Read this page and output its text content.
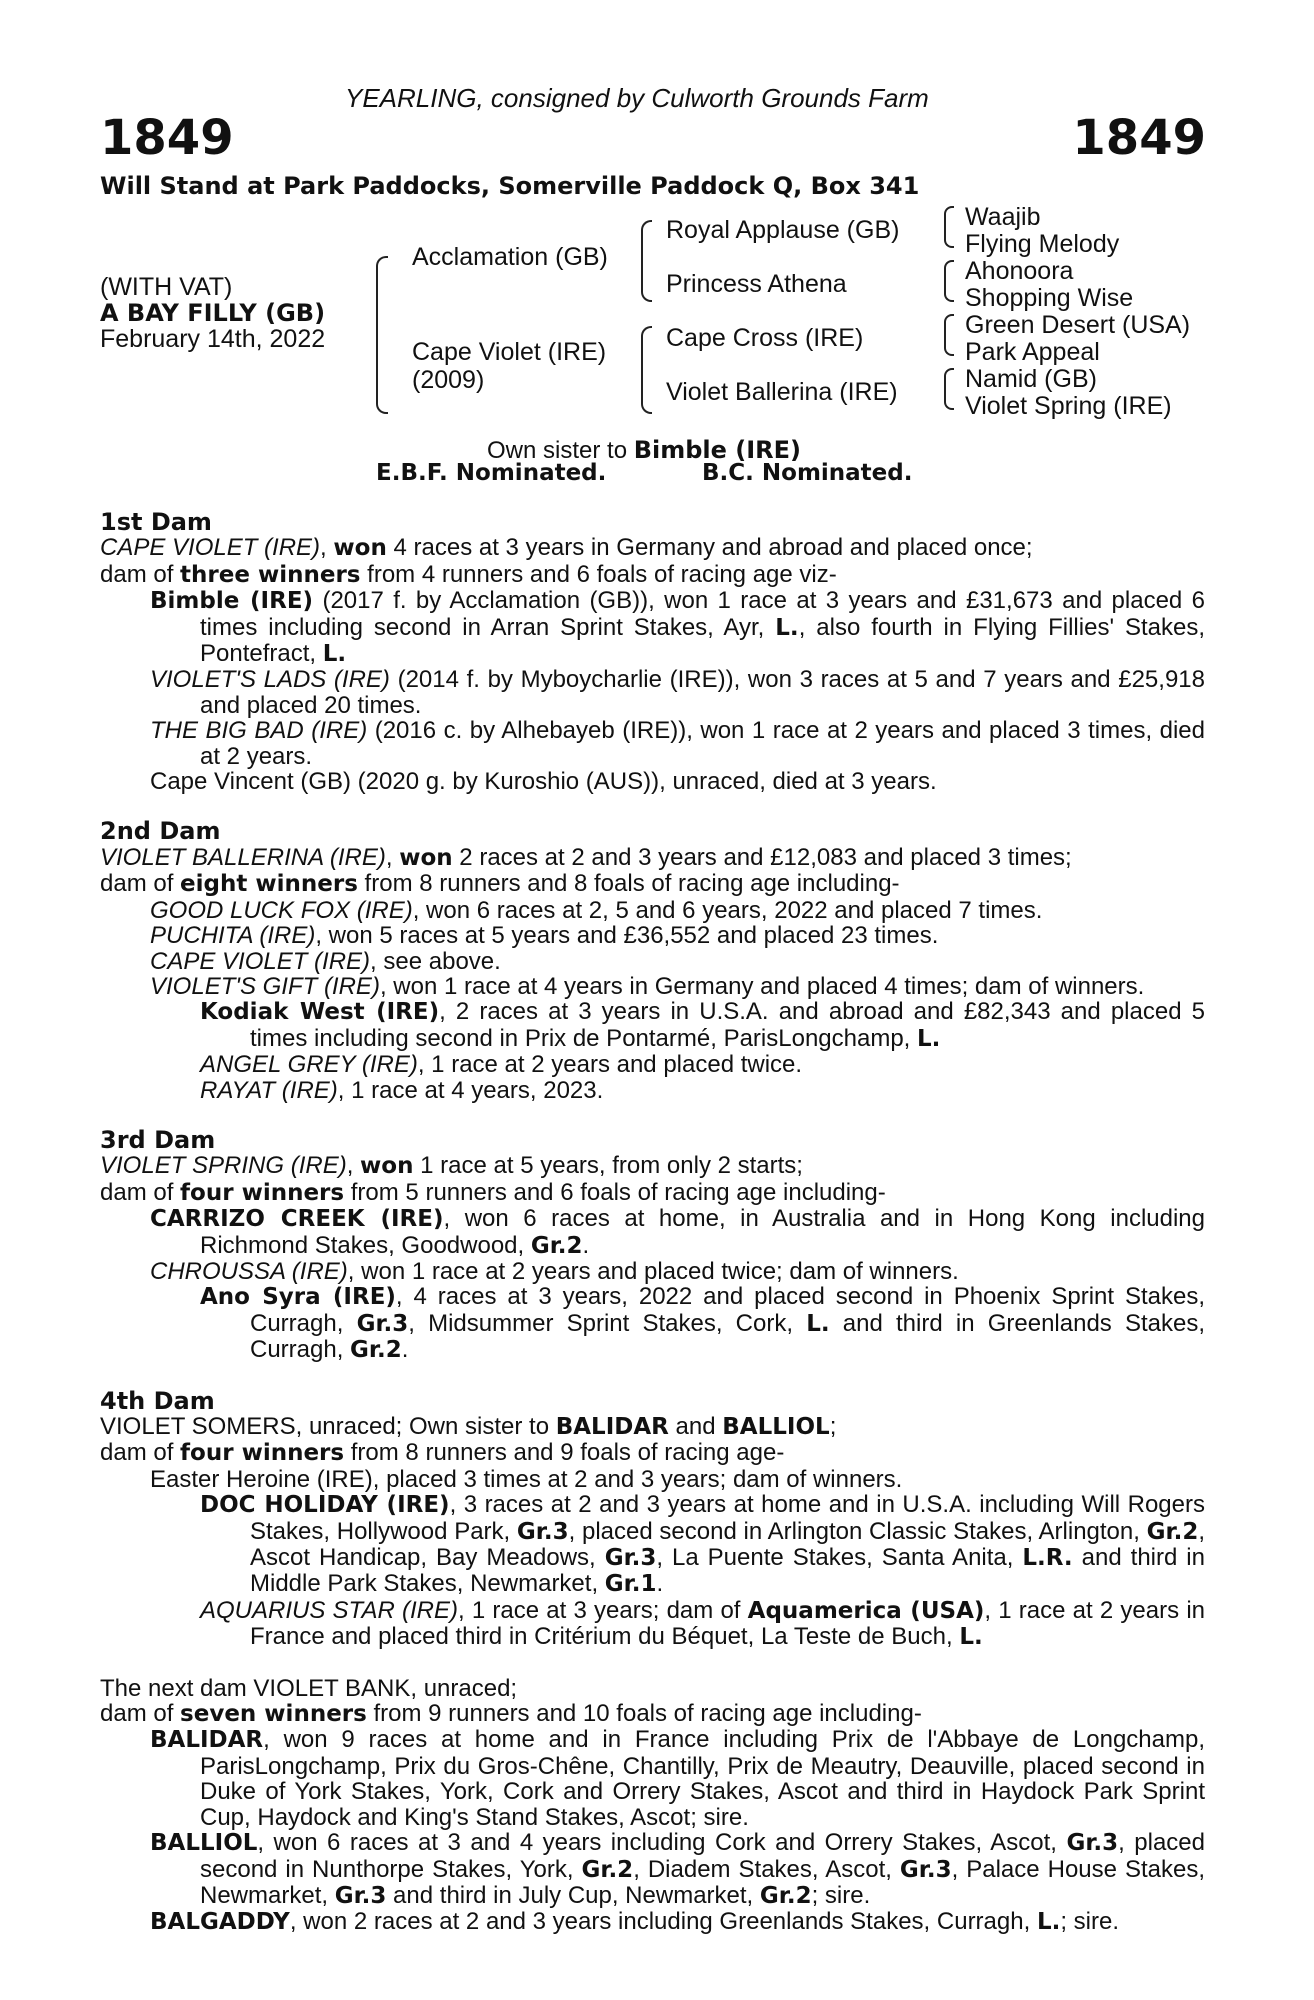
YEARLING, consigned by Culworth Grounds Farm
1849	1849
Will Stand at Park Paddocks, Somerville Paddock Q, Box 341
(WITH VAT)
A BAY FILLY (GB)
February 14th, 2022
Acclamation (GB)
Cape Violet (IRE)
(2009)
Royal Applause (GB)
Princess Athena
Cape Cross (IRE)
Violet Ballerina (IRE)
Waajib
Flying Melody
Ahonoora
Shopping Wise
Green Desert (USA)
Park Appeal
Namid (GB)
Violet Spring (IRE)
Own sister to Bimble (IRE)
E.B.F. Nominated.	B.C. Nominated.
1st Dam
CAPE VIOLET (IRE), won 4 races at 3 years in Germany and abroad and placed once;
dam of three winners from 4 runners and 6 foals of racing age viz-
Bimble (IRE) (2017 f. by Acclamation (GB)), won 1 race at 3 years and £31,673 and placed 6 times including second in Arran Sprint Stakes, Ayr, L., also fourth in Flying Fillies' Stakes, Pontefract, L.
VIOLET'S LADS (IRE) (2014 f. by Myboycharlie (IRE)), won 3 races at 5 and 7 years and £25,918 and placed 20 times.
THE BIG BAD (IRE) (2016 c. by Alhebayeb (IRE)), won 1 race at 2 years and placed 3 times, died at 2 years.
Cape Vincent (GB) (2020 g. by Kuroshio (AUS)), unraced, died at 3 years.
2nd Dam
VIOLET BALLERINA (IRE), won 2 races at 2 and 3 years and £12,083 and placed 3 times;
dam of eight winners from 8 runners and 8 foals of racing age including-
GOOD LUCK FOX (IRE), won 6 races at 2, 5 and 6 years, 2022 and placed 7 times.
PUCHITA (IRE), won 5 races at 5 years and £36,552 and placed 23 times.
CAPE VIOLET (IRE), see above.
VIOLET'S GIFT (IRE), won 1 race at 4 years in Germany and placed 4 times; dam of winners.
Kodiak West (IRE), 2 races at 3 years in U.S.A. and abroad and £82,343 and placed 5 times including second in Prix de Pontarmé, ParisLongchamp, L.
ANGEL GREY (IRE), 1 race at 2 years and placed twice.
RAYAT (IRE), 1 race at 4 years, 2023.
3rd Dam
VIOLET SPRING (IRE), won 1 race at 5 years, from only 2 starts;
dam of four winners from 5 runners and 6 foals of racing age including-
CARRIZO CREEK (IRE), won 6 races at home, in Australia and in Hong Kong including Richmond Stakes, Goodwood, Gr.2.
CHROUSSA (IRE), won 1 race at 2 years and placed twice; dam of winners.
Ano Syra (IRE), 4 races at 3 years, 2022 and placed second in Phoenix Sprint Stakes, Curragh, Gr.3, Midsummer Sprint Stakes, Cork, L. and third in Greenlands Stakes, Curragh, Gr.2.
4th Dam
VIOLET SOMERS, unraced; Own sister to BALIDAR and BALLIOL;
dam of four winners from 8 runners and 9 foals of racing age-
Easter Heroine (IRE), placed 3 times at 2 and 3 years; dam of winners.
DOC HOLIDAY (IRE), 3 races at 2 and 3 years at home and in U.S.A. including Will Rogers Stakes, Hollywood Park, Gr.3, placed second in Arlington Classic Stakes, Arlington, Gr.2, Ascot Handicap, Bay Meadows, Gr.3, La Puente Stakes, Santa Anita, L.R. and third in Middle Park Stakes, Newmarket, Gr.1.
AQUARIUS STAR (IRE), 1 race at 3 years; dam of Aquamerica (USA), 1 race at 2 years in France and placed third in Critérium du Béquet, La Teste de Buch, L.
The next dam VIOLET BANK, unraced;
dam of seven winners from 9 runners and 10 foals of racing age including-
BALIDAR, won 9 races at home and in France including Prix de l'Abbaye de Longchamp, ParisLongchamp, Prix du Gros-Chêne, Chantilly, Prix de Meautry, Deauville, placed second in Duke of York Stakes, York, Cork and Orrery Stakes, Ascot and third in Haydock Park Sprint Cup, Haydock and King's Stand Stakes, Ascot; sire.
BALLIOL, won 6 races at 3 and 4 years including Cork and Orrery Stakes, Ascot, Gr.3, placed second in Nunthorpe Stakes, York, Gr.2, Diadem Stakes, Ascot, Gr.3, Palace House Stakes, Newmarket, Gr.3 and third in July Cup, Newmarket, Gr.2; sire.
BALGADDY, won 2 races at 2 and 3 years including Greenlands Stakes, Curragh, L.; sire.
